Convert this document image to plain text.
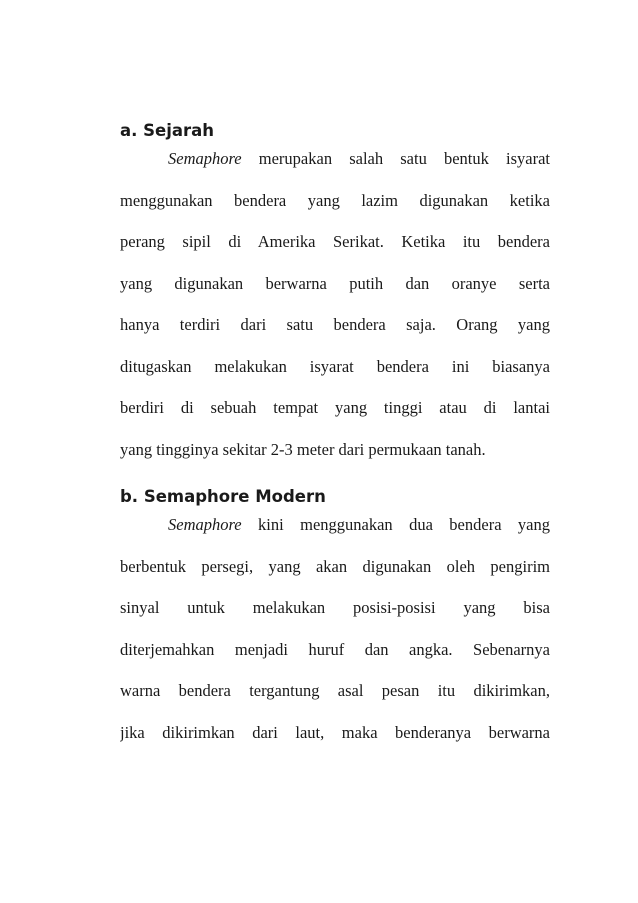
a. Sejarah
Semaphore merupakan salah satu bentuk isyarat
menggunakan bendera yang lazim digunakan ketika
perang sipil di Amerika Serikat. Ketika itu bendera
yang digunakan berwarna putih dan oranye serta
hanya terdiri dari satu bendera saja. Orang yang
ditugaskan melakukan isyarat bendera ini biasanya
berdiri di sebuah tempat yang tinggi atau di lantai
yang tingginya sekitar 2-3 meter dari permukaan tanah.
b. Semaphore Modern
Semaphore kini menggunakan dua bendera yang
berbentuk persegi, yang akan digunakan oleh pengirim
sinyal untuk melakukan posisi-posisi yang bisa
diterjemahkan menjadi huruf dan angka. Sebenarnya
warna bendera tergantung asal pesan itu dikirimkan,
jika dikirimkan dari laut, maka benderanya berwarna
